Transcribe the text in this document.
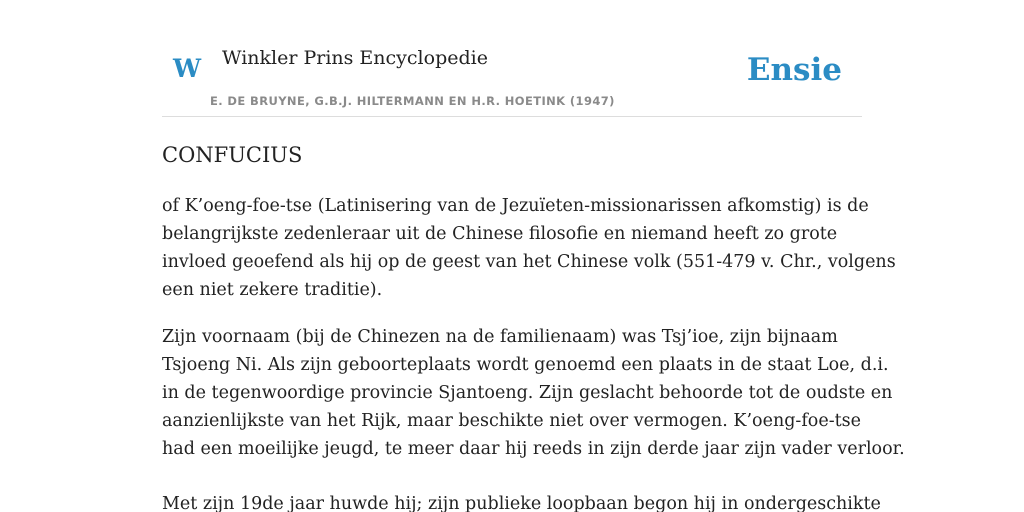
W Winkler Prins Encyclopedie
E. DE BRUYNE, G.B.J. HILTERMANN EN H.R. HOETINK (1947)
Ensie
CONFUCIUS

of K’oeng-foe-tse (Latinisering van de Jezuïeten-missionarissen afkomstig) is de
belangrijkste zedenleraar uit de Chinese filosofie en niemand heeft zo grote
invloed geoefend als hij op de geest van het Chinese volk (551-479 v. Chr., volgens
een niet zekere traditie).

Zijn voornaam (bij de Chinezen na de familienaam) was Tsj’ioe, zijn bijnaam
Tsjoeng Ni. Als zijn geboorteplaats wordt genoemd een plaats in de staat Loe, d.i.
in de tegenwoordige provincie Sjantoeng. Zijn geslacht behoorde tot de oudste en
aanzienlijkste van het Rijk, maar beschikte niet over vermogen. K’oeng-foe-tse
had een moeilijke jeugd, te meer daar hij reeds in zijn derde jaar zijn vader verloor.

Met zijn 19de jaar huwde hij; zijn publieke loopbaan begon hij in ondergeschikte
